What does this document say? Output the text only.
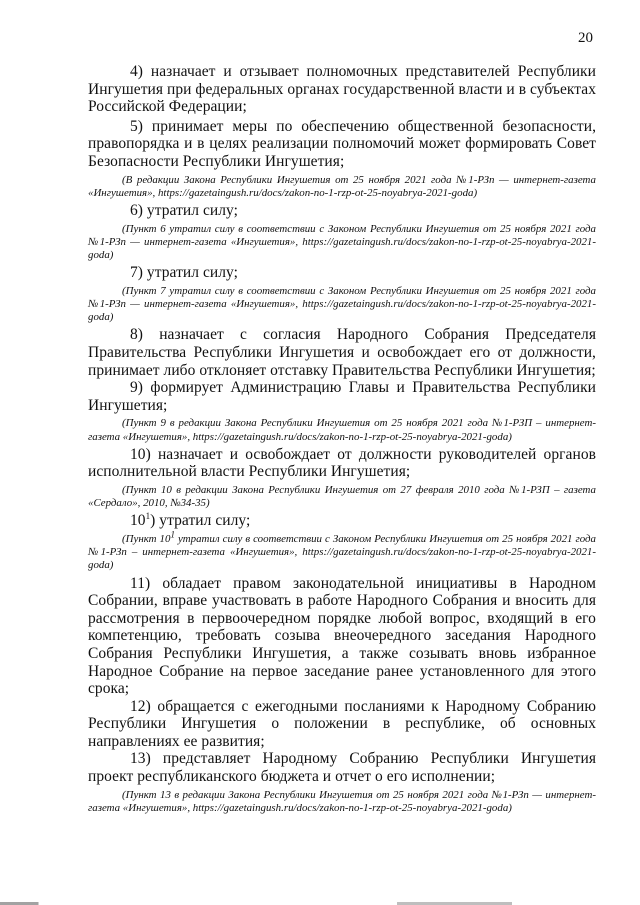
20

4) назначает и отзывает полномочных представителей Республики Ингушетия при федеральных органах государственной власти и в субъектах Российской Федерации;

5) принимает меры по обеспечению общественной безопасности, правопорядка и в целях реализации полномочий может формировать Совет Безопасности Республики Ингушетия;

(В редакции Закона Республики Ингушетия от 25 ноября 2021 года №1-РЗп — интернет-газета «Ингушетия», https://gazetaingush.ru/docs/zakon-no-1-rzp-ot-25-noyabrya-2021-goda)

6) утратил силу;

(Пункт 6 утратил силу в соответствии с Законом Республики Ингушетия от 25 ноября 2021 года №1-РЗп — интернет-газета «Ингушетия», https://gazetaingush.ru/docs/zakon-no-1-rzp-ot-25-noyabrya-2021-goda)

7) утратил силу;

(Пункт 7 утратил силу в соответствии с Законом Республики Ингушетия от 25 ноября 2021 года №1-РЗп — интернет-газета «Ингушетия», https://gazetaingush.ru/docs/zakon-no-1-rzp-ot-25-noyabrya-2021-goda)

8) назначает с согласия Народного Собрания Председателя Правительства Республики Ингушетия и освобождает его от должности, принимает либо отклоняет отставку Правительства Республики Ингушетия;

9) формирует Администрацию Главы и Правительства Республики Ингушетия;

(Пункт 9 в редакции Закона Республики Ингушетия от 25 ноября 2021 года №1-РЗП – интернет-газета «Ингушетия», https://gazetaingush.ru/docs/zakon-no-1-rzp-ot-25-noyabrya-2021-goda)

10) назначает и освобождает от должности руководителей органов исполнительной власти Республики Ингушетия;

(Пункт 10 в редакции Закона Республики Ингушетия от 27 февраля 2010 года №1-РЗП – газета «Сердало», 2010, №34-35)

$10^1$) утратил силу;

(Пункт $10^1$ утратил силу в соответствии с Законом Республики Ингушетия от 25 ноября 2021 года №1-РЗп – интернет-газета «Ингушетия», https://gazetaingush.ru/docs/zakon-no-1-rzp-ot-25-noyabrya-2021-goda)

11) обладает правом законодательной инициативы в Народном Собрании, вправе участвовать в работе Народного Собрания и вносить для рассмотрения в первоочередном порядке любой вопрос, входящий в его компетенцию, требовать созыва внеочередного заседания Народного Собрания Республики Ингушетия, а также созывать вновь избранное Народное Собрание на первое заседание ранее установленного для этого срока;

12) обращается с ежегодными посланиями к Народному Собранию Республики Ингушетия о положении в республике, об основных направлениях ее развития;

13) представляет Народному Собранию Республики Ингушетия проект республиканского бюджета и отчет о его исполнении;

(Пункт 13 в редакции Закона Республики Ингушетия от 25 ноября 2021 года №1-РЗп — интернет-газета «Ингушетия», https://gazetaingush.ru/docs/zakon-no-1-rzp-ot-25-noyabrya-2021-goda)
